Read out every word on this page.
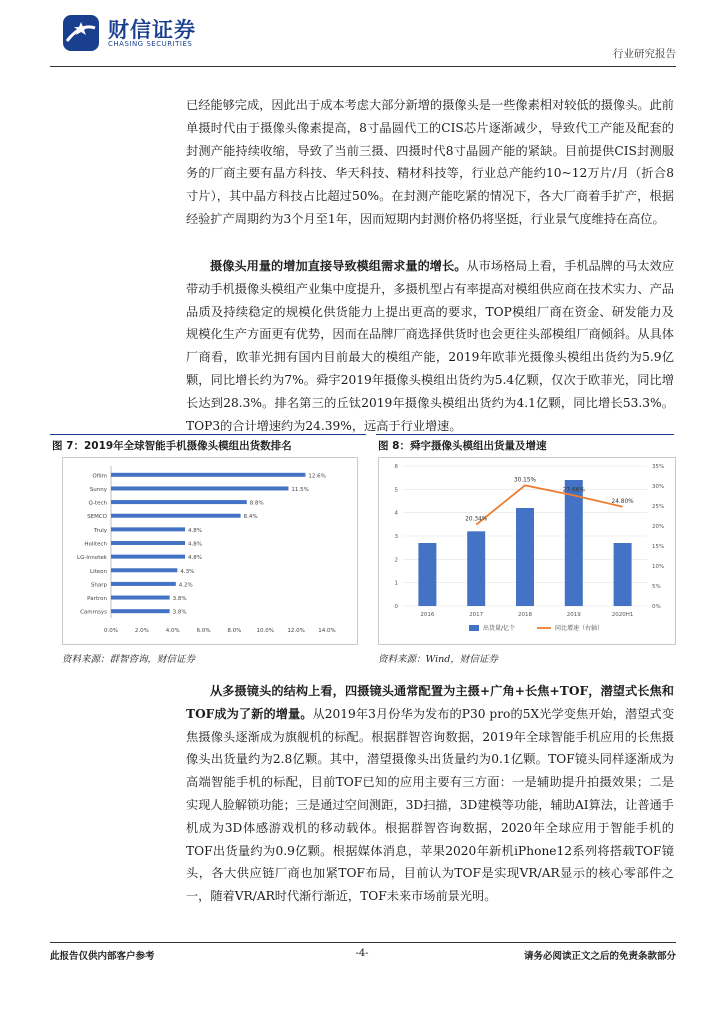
财信证券
CHASING SECURITIES
行业研究报告

已经能够完成，因此出于成本考虑大部分新增的摄像头是一些像素相对较低的摄像头。此前单摄时代由于摄像头像素提高，8寸晶圆代工的CIS芯片逐渐减少，导致代工产能及配套的封测产能持续收缩，导致了当前三摄、四摄时代8寸晶圆产能的紧缺。目前提供CIS封测服务的厂商主要有晶方科技、华天科技、精材科技等，行业总产能约10~12万片/月（折合8寸片），其中晶方科技占比超过50%。在封测产能吃紧的情况下，各大厂商着手扩产，根据经验扩产周期约为3个月至1年，因而短期内封测价格仍将坚挺，行业景气度维持在高位。

摄像头用量的增加直接导致模组需求量的增长。从市场格局上看，手机品牌的马太效应带动手机摄像头模组产业集中度提升，多摄机型占有率提高对模组供应商在技术实力、产品品质及持续稳定的规模化供货能力上提出更高的要求，TOP模组厂商在资金、研发能力及规模化生产方面更有优势，因而在品牌厂商选择供货时也会更往头部模组厂商倾斜。从具体厂商看，欧菲光拥有国内目前最大的模组产能，2019年欧菲光摄像头模组出货约为5.9亿颗，同比增长约为7%。舜宇2019年摄像头模组出货约为5.4亿颗，仅次于欧菲光，同比增长达到28.3%。排名第三的丘钛2019年摄像头模组出货约为4.1亿颗，同比增长53.3%。TOP3的合计增速约为24.39%，远高于行业增速。

图 7：2019年全球智能手机摄像头模组出货数排名
Ofilm	12.6%
Sunny	11.5%
Q-tech	8.8%
SEMCO	8.4%
Truly	4.8%
Holitech	4.8%
LG-Innotek	4.8%
Liteon	4.3%
Sharp	4.2%
Partron	3.8%
Cammsys	3.8%
0.0%	2.0%	4.0%	6.0%	8.0%	10.0% 12.0% 14.0%
资料来源：群智咨询，财信证券
图 8：舜宇摄像头模组出货量及增速
0
1
2
3
4
5
6
0%
5%
10%
15%
20%
25%
30%
35%
2016	2017	2018	2019	2020H1
20.34%
30.15%
27.66%
24.80%
出货量/亿个	同比增速（右轴）
资料来源：Wind，财信证券

从多摄镜头的结构上看，四摄镜头通常配置为主摄+广角+长焦+TOF，潜望式长焦和TOF成为了新的增量。从2019年3月份华为发布的P30 pro的5X光学变焦开始，潜望式变焦摄像头逐渐成为旗舰机的标配。根据群智咨询数据，2019年全球智能手机应用的长焦摄像头出货量约为2.8亿颗。其中，潜望摄像头出货量约为0.1亿颗。TOF镜头同样逐渐成为高端智能手机的标配，目前TOF已知的应用主要有三方面：一是辅助提升拍摄效果；二是实现人脸解锁功能；三是通过空间测距，3D扫描，3D建模等功能，辅助AI算法，让普通手机成为3D体感游戏机的移动载体。根据群智咨询数据，2020年全球应用于智能手机的TOF出货量约为0.9亿颗。根据媒体消息，苹果2020年新机iPhone12系列将搭载TOF镜头，各大供应链厂商也加紧TOF布局，目前认为TOF是实现VR/AR显示的核心零部件之一，随着VR/AR时代渐行渐近，TOF未来市场前景光明。

此报告仅供内部客户参考	-4-	请务必阅读正文之后的免责条款部分
